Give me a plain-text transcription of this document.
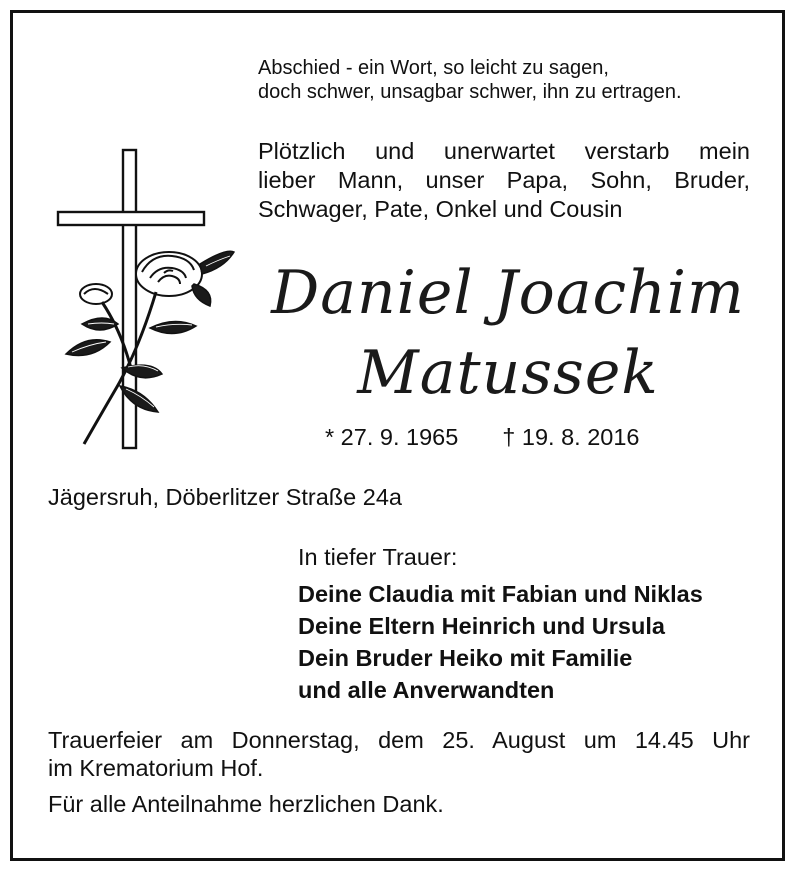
Abschied - ein Wort, so leicht zu sagen,
doch schwer, unsagbar schwer, ihn zu ertragen.
Plötzlich und unerwartet verstarb mein
lieber Mann, unser Papa, Sohn, Bruder,
Schwager, Pate, Onkel und Cousin
Daniel Joachim
Matussek
* 27. 9. 1965 † 19. 8. 2016
Jägersruh, Döberlitzer Straße 24a
In tiefer Trauer:
Deine Claudia mit Fabian und Niklas
Deine Eltern Heinrich und Ursula
Dein Bruder Heiko mit Familie
und alle Anverwandten
Trauerfeier am Donnerstag, dem 25. August um 14.45 Uhr
im Krematorium Hof.
Für alle Anteilnahme herzlichen Dank.
